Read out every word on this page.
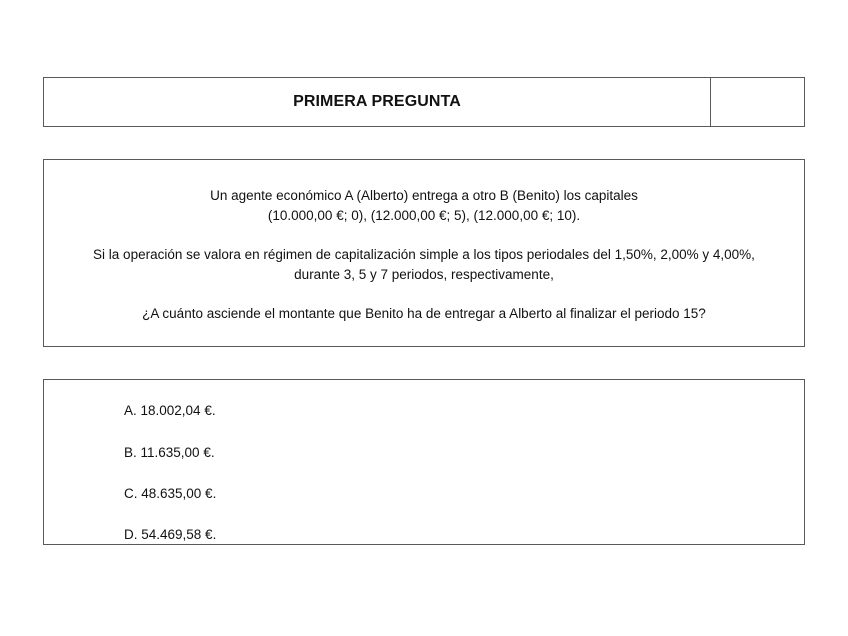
PRIMERA PREGUNTA

Un agente económico A (Alberto) entrega a otro B (Benito) los capitales
(10.000,00 €; 0), (12.000,00 €; 5), (12.000,00 €; 10).

Si la operación se valora en régimen de capitalización simple a los tipos periodales del 1,50%, 2,00% y 4,00%,
durante 3, 5 y 7 periodos, respectivamente,

¿A cuánto asciende el montante que Benito ha de entregar a Alberto al finalizar el periodo 15?

A. 18.002,04 €.
B. 11.635,00 €.
C. 48.635,00 €.
D. 54.469,58 €.
